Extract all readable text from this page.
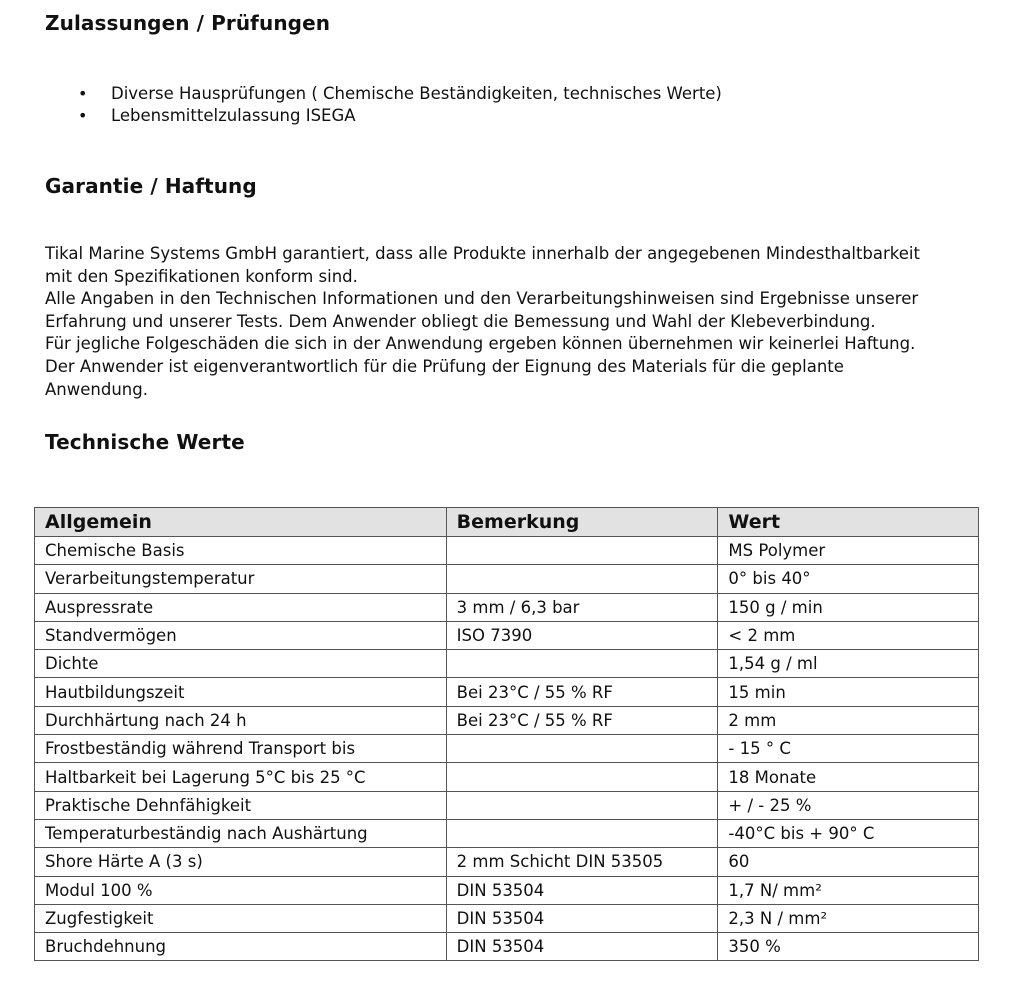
Zulassungen / Prüfungen
• Diverse Hausprüfungen ( Chemische Beständigkeiten, technisches Werte)
• Lebensmittelzulassung ISEGA
Garantie / Haftung
Tikal Marine Systems GmbH garantiert, dass alle Produkte innerhalb der angegebenen Mindesthaltbarkeit
mit den Spezifikationen konform sind.
Alle Angaben in den Technischen Informationen und den Verarbeitungshinweisen sind Ergebnisse unserer
Erfahrung und unserer Tests. Dem Anwender obliegt die Bemessung und Wahl der Klebeverbindung.
Für jegliche Folgeschäden die sich in der Anwendung ergeben können übernehmen wir keinerlei Haftung.
Der Anwender ist eigenverantwortlich für die Prüfung der Eignung des Materials für die geplante
Anwendung.
Technische Werte
Allgemein	Bemerkung	Wert
Chemische Basis		MS Polymer
Verarbeitungstemperatur		0° bis 40°
Auspressrate	3 mm / 6,3 bar	150 g / min
Standvermögen	ISO 7390	< 2 mm
Dichte		1,54 g / ml
Hautbildungszeit	Bei 23°C / 55 % RF	15 min
Durchhärtung nach 24 h	Bei 23°C / 55 % RF	2 mm
Frostbeständig während Transport bis		- 15 ° C
Haltbarkeit bei Lagerung 5°C bis 25 °C		18 Monate
Praktische Dehnfähigkeit		+ / - 25 %
Temperaturbeständig nach Aushärtung		-40°C bis + 90° C
Shore Härte A (3 s)	2 mm Schicht DIN 53505	60
Modul 100 %	DIN 53504	1,7 N/ mm²
Zugfestigkeit	DIN 53504	2,3 N / mm²
Bruchdehnung	DIN 53504	350 %
